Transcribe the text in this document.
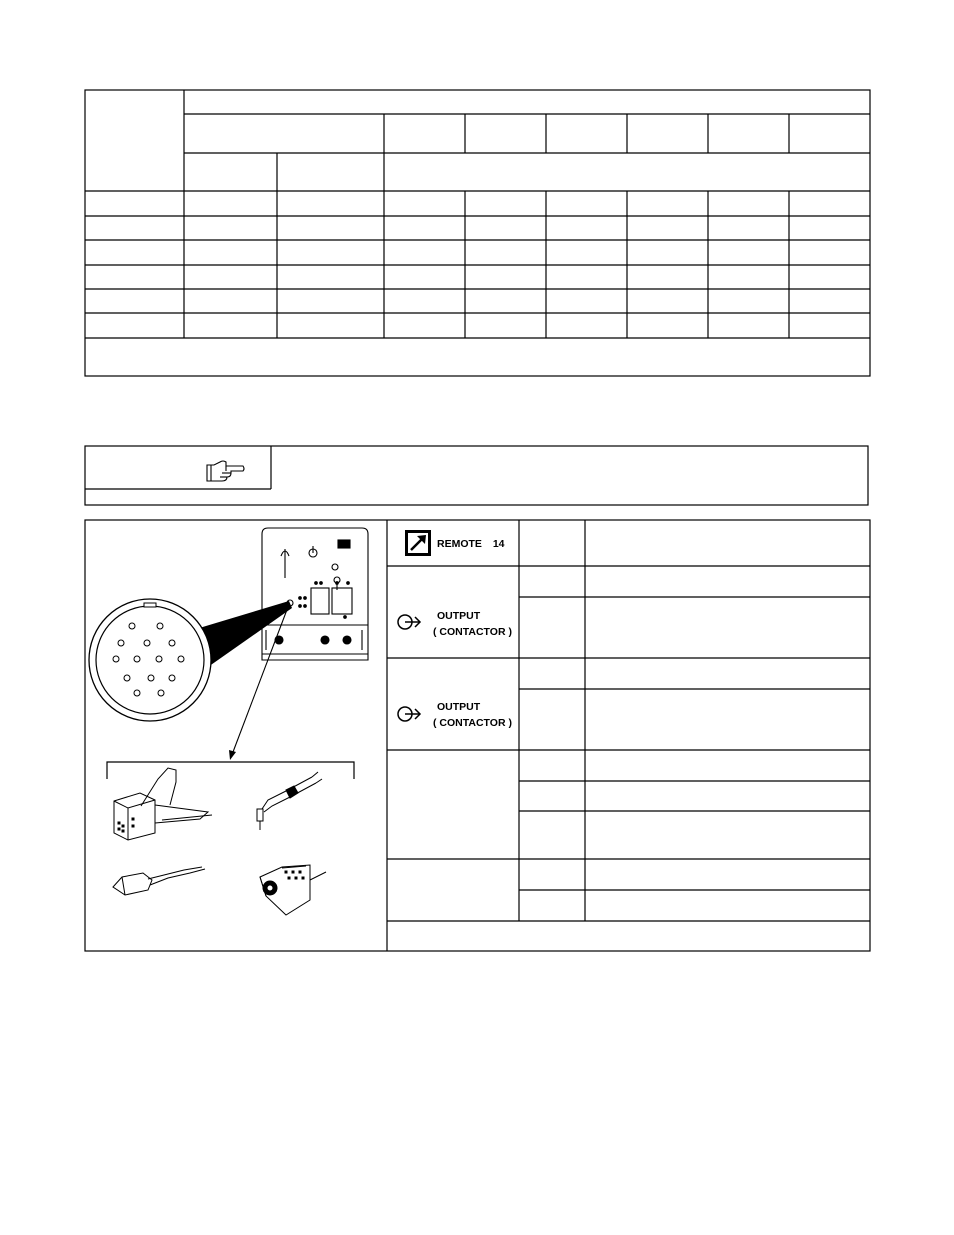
REMOTE 14
OUTPUT
( CONTACTOR )
OUTPUT
( CONTACTOR )
